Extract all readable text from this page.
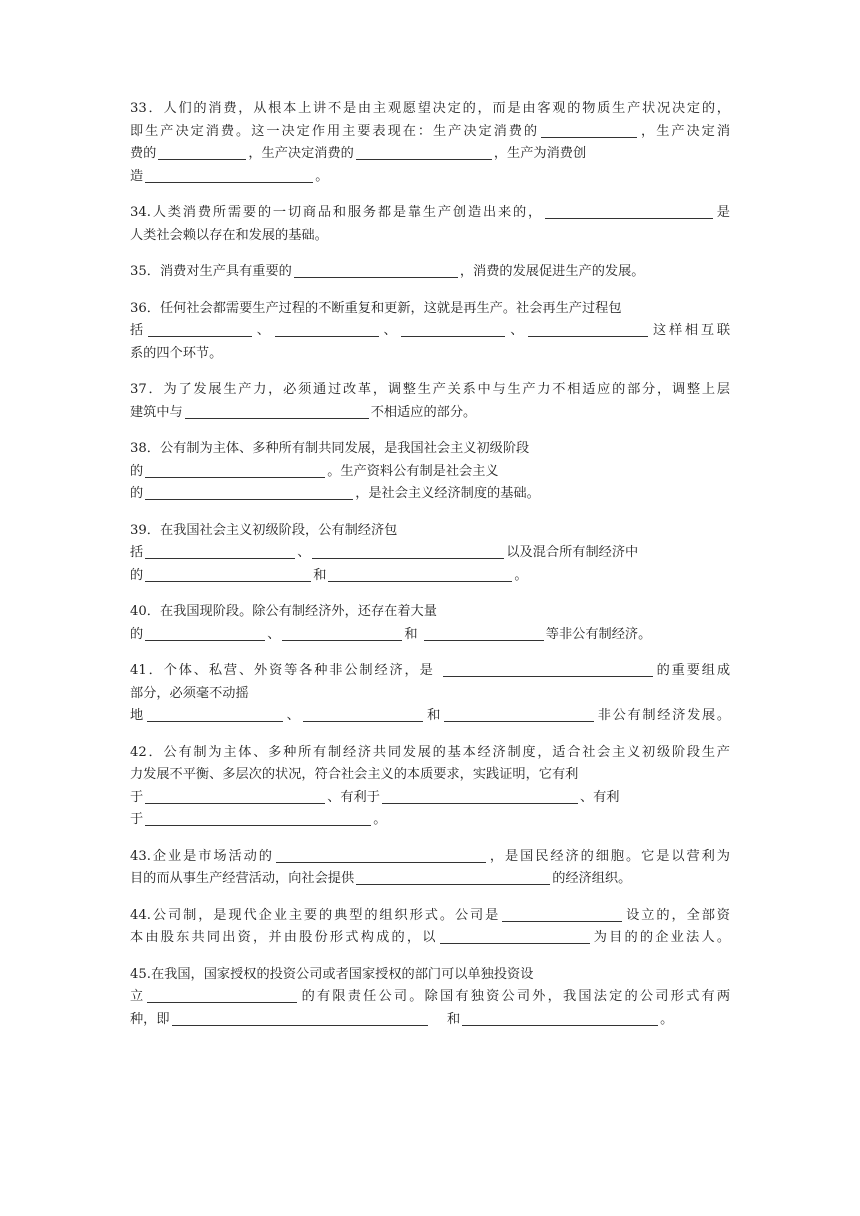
33．人们的消费，从根本上讲不是由主观愿望决定的，而是由客观的物质生产状况决定的，
即生产决定消费。这一决定作用主要表现在：生产决定消费的	，生产决定消
费的	，生产决定消费的	，生产为消费创
造	。
34.人类消费所需要的一切商品和服务都是靠生产创造出来的，	是
人类社会赖以存在和发展的基础。
35．消费对生产具有重要的	，消费的发展促进生产的发展。
36．任何社会都需要生产过程的不断重复和更新，这就是再生产。社会再生产过程包
括	、	、	、	这样相互联
系的四个环节。
37．为了发展生产力，必须通过改革，调整生产关系中与生产力不相适应的部分，调整上层
建筑中与	不相适应的部分。
38．公有制为主体、多种所有制共同发展，是我国社会主义初级阶段
的	。生产资料公有制是社会主义
的	，是社会主义经济制度的基础。
39．在我国社会主义初级阶段，公有制经济包
括	、	以及混合所有制经济中
的	和	。
40．在我国现阶段。除公有制经济外，还存在着大量
的	、	和	等非公有制经济。
41．个体、私营、外资等各种非公制经济，是	的重要组成
部分，必须毫不动摇
地	、	和	非公有制经济发展。
42．公有制为主体、多种所有制经济共同发展的基本经济制度，适合社会主义初级阶段生产
力发展不平衡、多层次的状况，符合社会主义的本质要求，实践证明，它有利
于	、有利于	、有利
于	。
43.企业是市场活动的	，是国民经济的细胞。它是以营利为
目的而从事生产经营活动，向社会提供	的经济组织。
44.公司制，是现代企业主要的典型的组织形式。公司是	设立的，全部资
本由股东共同出资，并由股份形式构成的，以	为目的的企业法人。
45.在我国，国家授权的投资公司或者国家授权的部门可以单独投资设
立	的有限责任公司。除国有独资公司外，我国法定的公司形式有两
种，即	　 和	。
